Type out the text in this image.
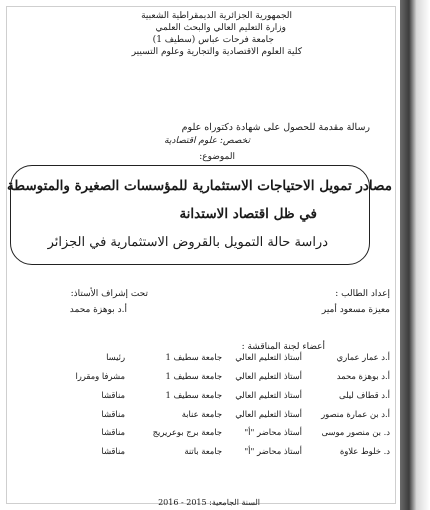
الجمهورية الجزائرية الديمقراطية الشعبية
وزارة التعليم العالي والبحث العلمي
جامعة فرحات عباس (سطيف 1)
كلية العلوم الاقتصادية والتجارية وعلوم التسيير
رسالة مقدمة للحصول على شهادة دكتوراه علوم
تخصص: علوم اقتصادية
الموضوع:
مصادر تمويل الاحتياجات الاستثمارية للمؤسسات الصغيرة والمتوسطة
في ظل اقتصاد الاستدانة
دراسة حالة التمويل بالقروض الاستثمارية في الجزائر
إعداد الطالب :
معيزة مسعود أمير
تحت إشراف الأستاذ:
أ.د بوهزة محمد
أعضاء لجنة المناقشة :
أ.د عمار عماري
أستاذ التعليم العالي
جامعة سطيف 1
رئيسا
أ.د بوهزة محمد
أستاذ التعليم العالي
جامعة سطيف 1
مشرفا ومقررا
أ.د قطاف ليلى
أستاذ التعليم العالي
جامعة سطيف 1
مناقشا
أ.د بن عمارة منصور
أستاذ التعليم العالي
جامعة عنابة
مناقشا
د. بن منصور موسى
أستاذ محاضر "أ"
جامعة برج بوعريريج
مناقشا
د. خلوط علاوة
أستاذ محاضر "أ"
جامعة باتنة
مناقشا
السنة الجامعية: 2015 - 2016
